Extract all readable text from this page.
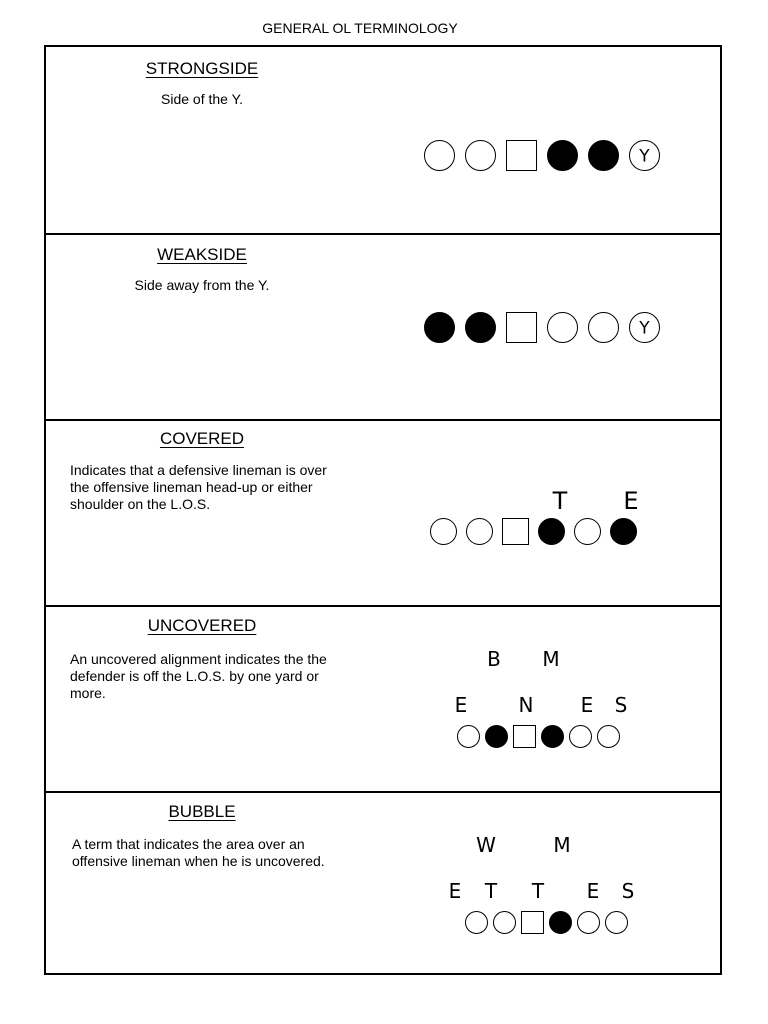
GENERAL OL TERMINOLOGY
STRONGSIDE
Side of the Y.
Y
WEAKSIDE
Side away from the Y.
Y
COVERED
Indicates that a defensive lineman is over the offensive lineman head-up or either shoulder on the L.O.S.	T E
UNCOVERED
An uncovered alignment indicates the the defender is off the L.O.S. by one yard or more.
B M
E	N E S
BUBBLE
A term that indicates the area over an offensive lineman when he is uncovered.
W	M
E T T E S
